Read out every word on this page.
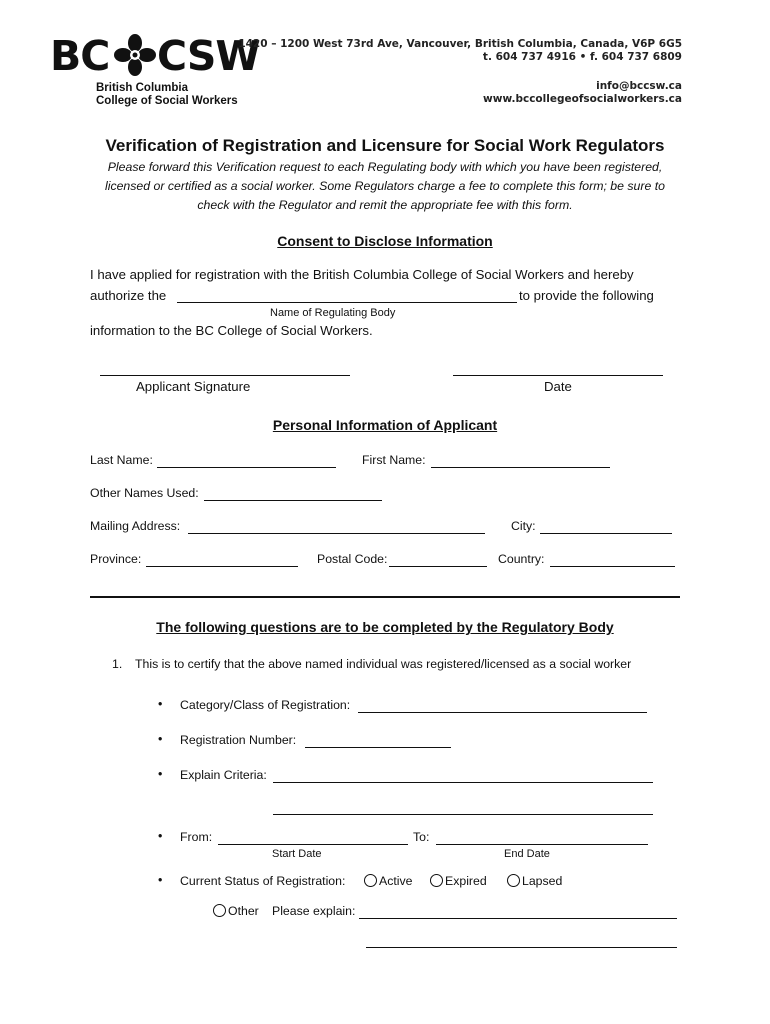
BC CSW
British Columbia
College of Social Workers
1420 – 1200 West 73rd Ave, Vancouver, British Columbia, Canada, V6P 6G5
t. 604 737 4916 • f. 604 737 6809
info@bccsw.ca
www.bccollegeofsocialworkers.ca
Verification of Registration and Licensure for Social Work Regulators
Please forward this Verification request to each Regulating body with which you have been registered, licensed or certified as a social worker. Some Regulators charge a fee to complete this form; be sure to check with the Regulator and remit the appropriate fee with this form.
Consent to Disclose Information
I have applied for registration with the British Columbia College of Social Workers and hereby
authorize the	to provide the following
Name of Regulating Body
information to the BC College of Social Workers.
Applicant Signature	Date
Personal Information of Applicant
Last Name:	First Name:
Other Names Used:
Mailing Address:	City:
Province:	Postal Code:	Country:
The following questions are to be completed by the Regulatory Body
1. This is to certify that the above named individual was registered/licensed as a social worker
• Category/Class of Registration:
• Registration Number:
• Explain Criteria:
• From:	To:
Start Date	End Date
• Current Status of Registration:	Active	Expired	Lapsed
Other Please explain:
